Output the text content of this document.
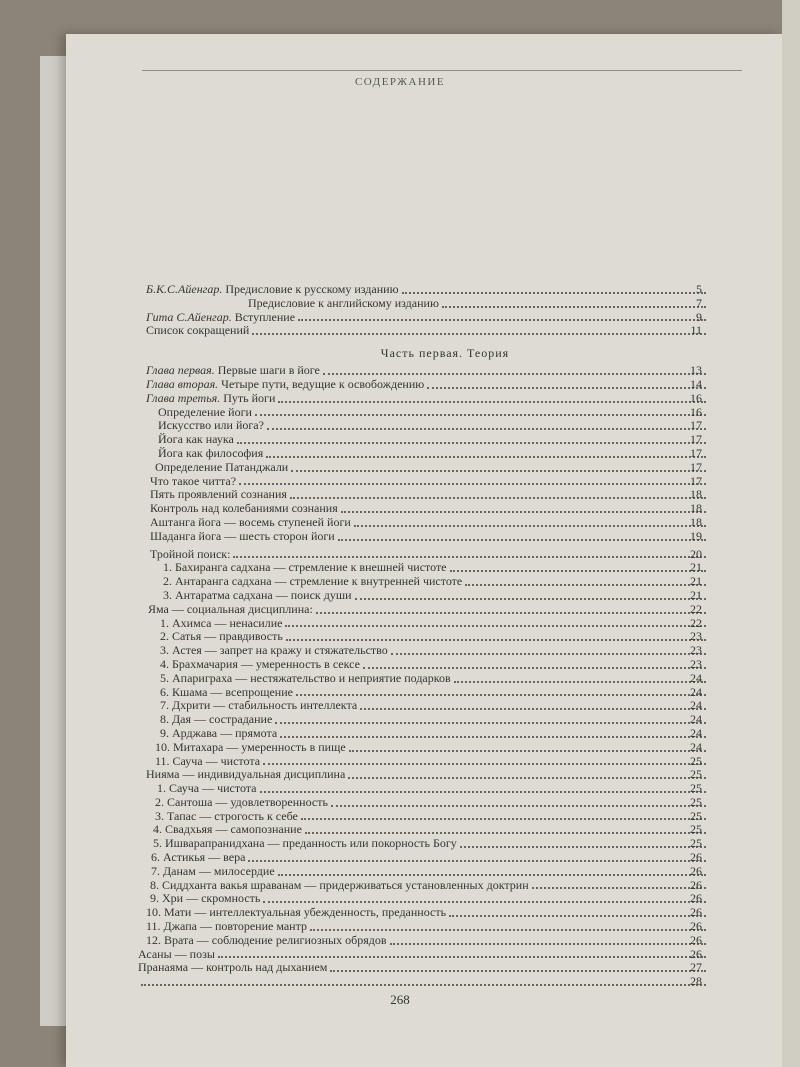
СОДЕРЖАНИЕ
Б.К.С.Айенгар. Предисловие к русскому изданию	5
Предисловие к английскому изданию	7
Гита С.Айенгар. Вступление	9
Список сокращений	11
Часть первая. Теория
Глава первая. Первые шаги в йоге	13
Глава вторая. Четыре пути, ведущие к освобождению	14
Глава третья. Путь йоги	16
Определение йоги	16
Искусство или йога?	17
Йога как наука	17
Йога как философия	17
Определение Патанджали	17
Что такое читта?	17
Пять проявлений сознания	18
Контроль над колебаниями сознания	18
Аштанга йога — восемь ступеней йоги	18
Шаданга йога — шесть сторон йоги	19
Тройной поиск:	20
1. Бахиранга садхана — стремление к внешней чистоте	21
2. Антаранга садхана — стремление к внутренней чистоте	21
3. Антаратма садхана — поиск души	21
Яма — социальная дисциплина:	22
1. Ахимса — ненасилие	22
2. Сатья — правдивость	23
3. Астея — запрет на кражу и стяжательство	23
4. Брахмачария — умеренность в сексе	23
5. Апариграха — нестяжательство и неприятие подарков	24
6. Кшама — всепрощение	24
7. Дхрити — стабильность интеллекта	24
8. Дая — сострадание	24
9. Арджава — прямота	24
10. Митахара — умеренность в пище	24
11. Саучa — чистота	25
Нияма — индивидуальная дисциплина	25
1. Сауча — чистота	25
2. Сантоша — удовлетворенность	25
3. Тапас — строгость к себе	25
4. Свадхьяя — самопознание	25
5. Ишварапранидхана — преданность или покорность Богу	25
6. Астикья — вера	26
7. Данам — милосердие	26
8. Сиддханта вакья шраванам — придерживаться установленных доктрин	26
9. Хри — скромность	26
10. Мати — интеллектуальная убежденность, преданность	26
11. Джапа — повторение мантр	26
12. Врата — соблюдение религиозных обрядов	26
Асаны — позы	26
Пранаяма — контроль над дыханием	27
28
268
